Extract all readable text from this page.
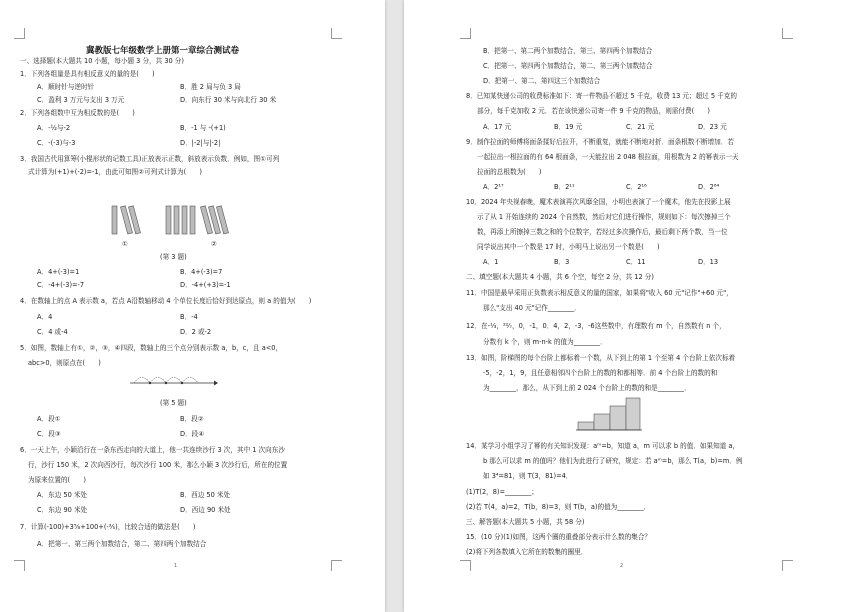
冀教版七年级数学上册第一章综合测试卷
一、选择题(本大题共 10 小题，每小题 3 分，共 30 分)
1．下列各组量是具有相反意义的量的是(　　)
A．顺时针与逆时针	B．胜 2 局与负 3 局
C．盈利 3 万元与支出 3 万元	D．向东行 30 米与向北行 30 米
2．下列各组数中互为相反数的是(　　)
A．-½与-2	B．-1 与 -(+1)
C．-(-3)与-3	D．|-2|与|-2|
3．我国古代用算筹(小棍形状的记数工具)正放表示正数，斜放表示负数．例如，图①可列
式计算为(+1)+(-2)=-1，由此可知图②可列式计算为(　　)
①	②
(第 3 题)
A．4+(-3)=1	B．4+(-3)=7
C．-4+(-3)=-7	D．-4+(+3)=-1
4．在数轴上的点 A 表示数 a，若点 A沿数轴移动 4 个单位长度后恰好到达原点，则 a 的值为(　　)
A．4	B．-4
C．4 或-4	D．2 或-2
5．如图，数轴上有①，②，③，④四段，数轴上的三个点分别表示数 a，b，c，且 a<0，
abc>0，则原点在(　　)
(第 5 题)
A．段①	B．段②
C．段③	D．段④
6．一天上午，小颖沿行在一条东西走向的大道上，他一共连续沙行 3 次，其中 1 次向东沙
行，沙行 150 米，2 次向西沙行，每次沙行 100 米，那么小颖 3 次沙行后，所在的位置
为原来位置的(　　)
A．东边 50 米处	B．西边 50 米处
C．东边 90 米处	D．西边 90 米处
7．计算(-100)+3⅝+100+(-⅗)，比较合适的做法是(　　)
A．把第一、第三两个加数结合，第二、第四两个加数结合
1
B．把第一、第二两个加数结合，第三、第四两个加数结合
C．把第一、第四两个加数结合，第二、第三两个加数结合
D．把第一、第二、第四这三个加数结合
8．已知某快递公司的收费标准如下：寄一件物品不超过 5 千克，收费 13 元；超过 5 千克的
部分，每千克加收 2 元．若在该快递公司寄一件 9 千克的物品，则需付费(　　)
A．17 元	B．19 元	C．21 元	D．23 元
9．制作拉面的师傅将面条揉好后拉开，不断重复，就能不断地对折．面条根数不断增加．若
一起拉出一根拉面的有 64 根面条，一天能拉出 2 048 根拉面，用根数为 2 的幂表示一天
拉面的总根数为(　　)
A．2¹⁷	B．2¹¹	C．2¹⁶	D．2⁶⁴
10．2024 年央视春晚，魔术表演再次风靡全国，小明也表演了一个魔术，他先在投影上展
示了从 1 开始连续的 2024 个自然数，然后对它们进行操作，规则如下：每次擦掉三个
数，再添上所擦掉三数之和的个位数字，若经过多次操作后，最后剩下两个数，当一位
同学说出其中一个数是 17 时，小明马上说出另一个数是(　　)
A．1	B．3	C．11	D．13
二、填空题(本大题共 4 小题，共 6 个空，每空 2 分，共 12 分)
11．中国是最早采用正负数表示相反意义的量的国家，如果将"收入 60 元"记作"+60 元"，
那么"支出 40 元"记作________．
12．在-⅓，²²⁄₇，0，-1，0．4，2，-3，-6这些数中，有理数有 m 个，自然数有 n 个，
分数有 k 个，则 m-n-k 的值为________．
13．如图，阶梯图的每个台阶上都标着一个数，从下到上的第 1 个至第 4 个台阶上依次标着
-5，-2，1，9，且任意相邻四个台阶上的数的和都相等．前 4 个台阶上的数的和
为________，那么，从下到上前 2 024 个台阶上的数的和是________．
14．某学习小组学习了幂的有关知识发现：aᵐ=b，知道 a，m 可以求 b 的值．如果知道 a，
b 那么可以求 m 的值吗？他们为此进行了研究，规定：若 aᵐ=b，那么 T(a，b)=m．例
如 3⁴=81，则 T(3，81)=4．
(1)T(2，8)=________；
(2)若 T(4，a)=2，T(b，8)=3，则 T(b，a)的值为________．
三、解答题(本大题共 5 小题，共 58 分)
15．(10 分)(1)如图，这两个圈的重叠部分表示什么数的集合？
(2)将下列各数填入它所在的数集的圈里．
2
